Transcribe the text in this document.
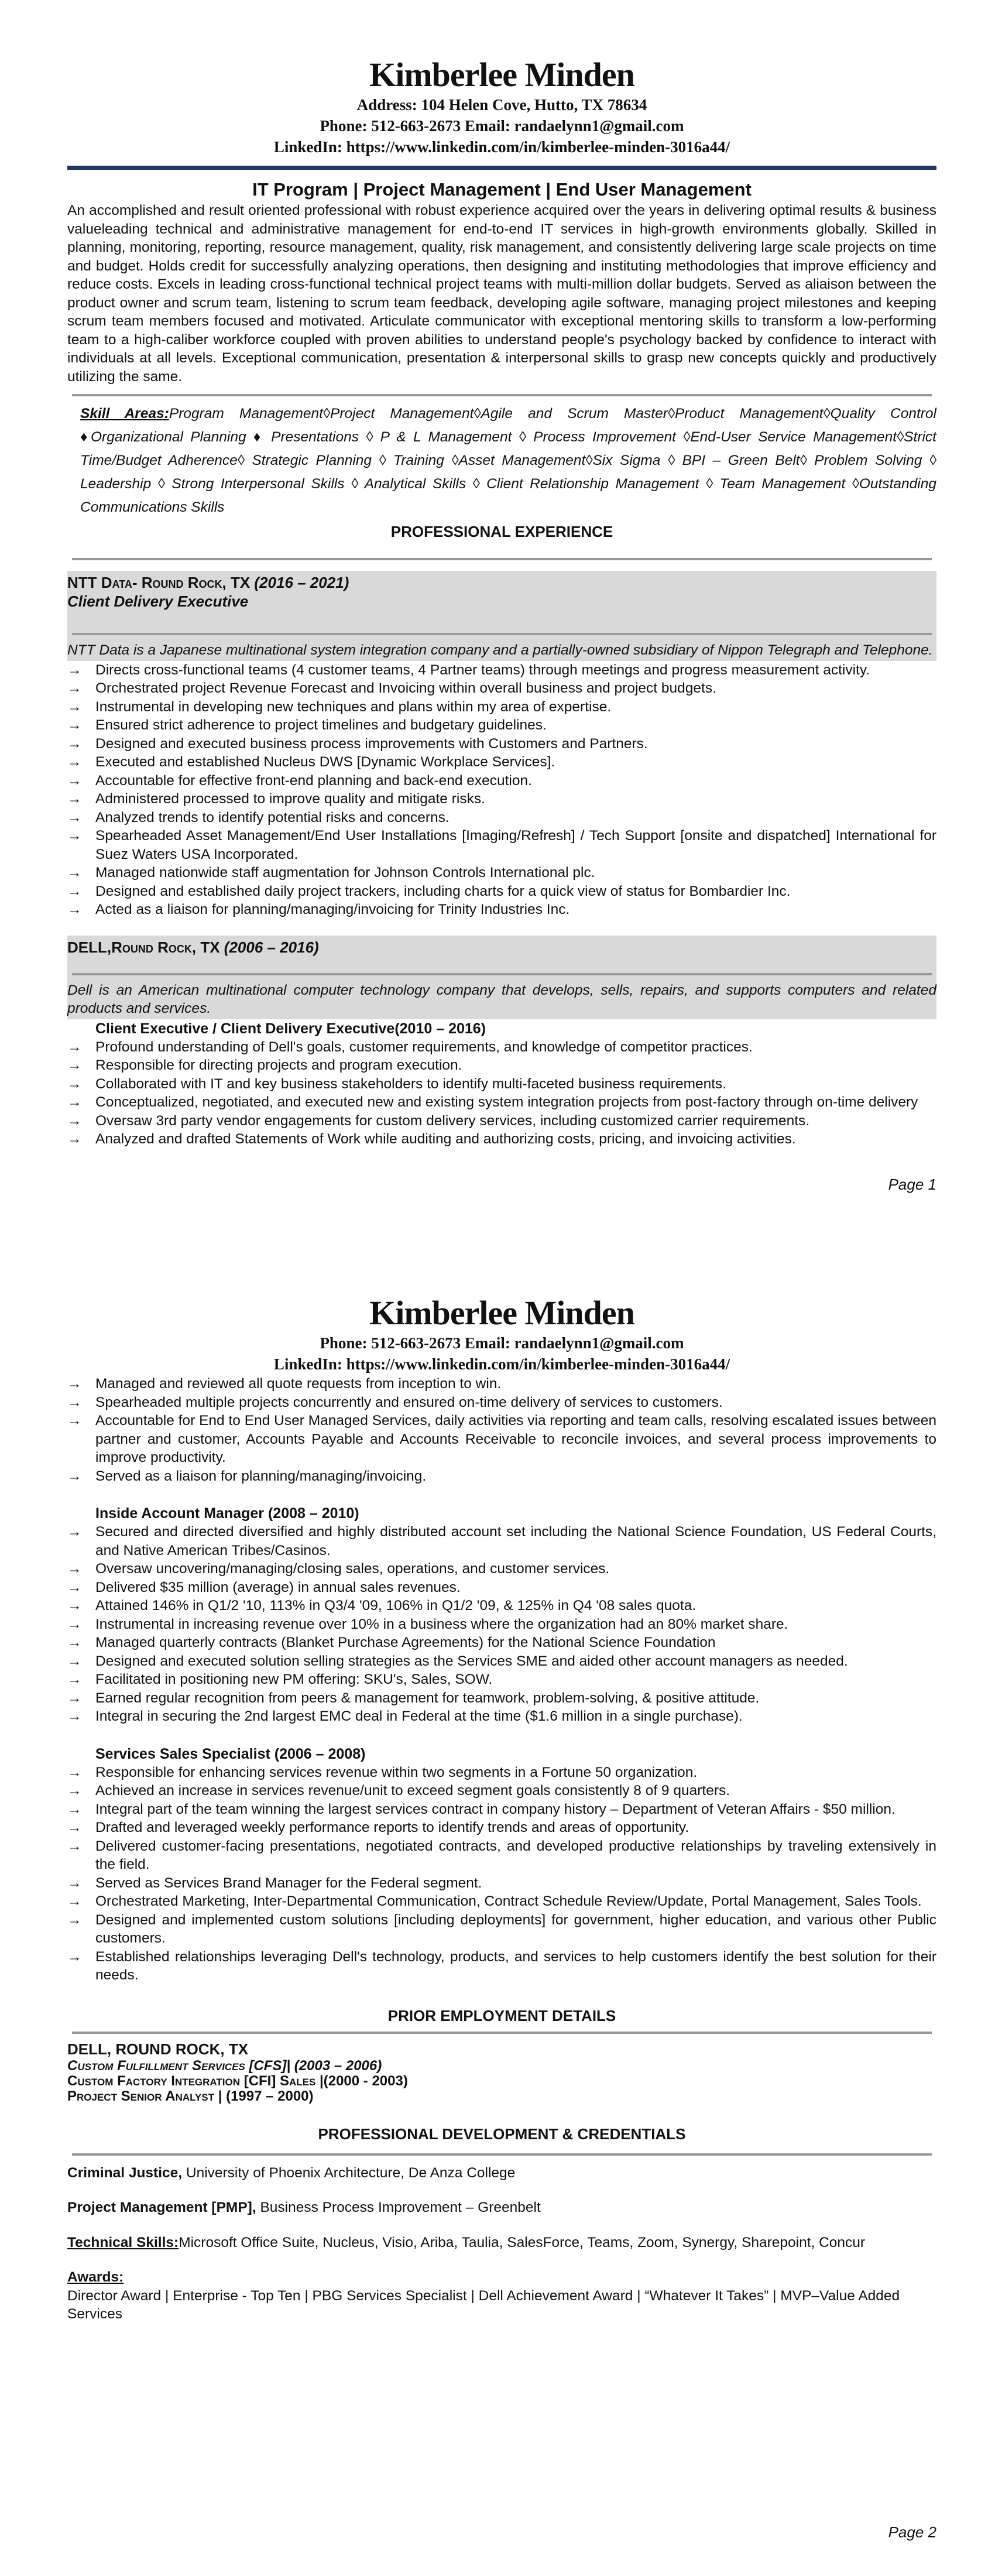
Kimberlee Minden
Address: 104 Helen Cove, Hutto, TX 78634
Phone: 512-663-2673 Email: randaelynn1@gmail.com
LinkedIn: https://www.linkedin.com/in/kimberlee-minden-3016a44/
IT Program | Project Management | End User Management

An accomplished and result oriented professional with robust experience acquired over the years in delivering optimal results & business valueleading technical and administrative management for end-to-end IT services in high-growth environments globally. Skilled in planning, monitoring, reporting, resource management, quality, risk management, and consistently delivering large scale projects on time and budget. Holds credit for successfully analyzing operations, then designing and instituting methodologies that improve efficiency and reduce costs. Excels in leading cross-functional technical project teams with multi-million dollar budgets. Served as aliaison between the product owner and scrum team, listening to scrum team feedback, developing agile software, managing project milestones and keeping scrum team members focused and motivated. Articulate communicator with exceptional mentoring skills to transform a low-performing team to a high-caliber workforce coupled with proven abilities to understand people's psychology backed by confidence to interact with individuals at all levels. Exceptional communication, presentation & interpersonal skills to grasp new concepts quickly and productively utilizing the same.

Skill Areas:Program Management◊Project Management◊Agile and Scrum Master◊Product Management◊Quality Control ♦Organizational Planning ♦ Presentations ◊ P & L Management ◊ Process Improvement ◊End-User Service Management◊Strict Time/Budget Adherence◊ Strategic Planning ◊ Training ◊Asset Management◊Six Sigma ◊ BPI – Green Belt◊ Problem Solving ◊ Leadership ◊ Strong Interpersonal Skills ◊ Analytical Skills ◊ Client Relationship Management ◊ Team Management ◊Outstanding Communications Skills
PROFESSIONAL EXPERIENCE
NTT Data- Round Rock, TX (2016 – 2021)
Client Delivery Executive
NTT Data is a Japanese multinational system integration company and a partially-owned subsidiary of Nippon Telegraph and Telephone.
→ Directs cross-functional teams (4 customer teams, 4 Partner teams) through meetings and progress measurement activity.
→ Orchestrated project Revenue Forecast and Invoicing within overall business and project budgets.
→ Instrumental in developing new techniques and plans within my area of expertise.
→ Ensured strict adherence to project timelines and budgetary guidelines.
→ Designed and executed business process improvements with Customers and Partners.
→ Executed and established Nucleus DWS [Dynamic Workplace Services].
→ Accountable for effective front-end planning and back-end execution.
→ Administered processed to improve quality and mitigate risks.
→ Analyzed trends to identify potential risks and concerns.
→ Spearheaded Asset Management/End User Installations [Imaging/Refresh] / Tech Support [onsite and dispatched] International for Suez Waters USA Incorporated.
→ Managed nationwide staff augmentation for Johnson Controls International plc.
→ Designed and established daily project trackers, including charts for a quick view of status for Bombardier Inc.
→ Acted as a liaison for planning/managing/invoicing for Trinity Industries Inc.
DELL,Round Rock, TX (2006 – 2016)
Dell is an American multinational computer technology company that develops, sells, repairs, and supports computers and related products and services.
Client Executive / Client Delivery Executive(2010 – 2016)
→ Profound understanding of Dell's goals, customer requirements, and knowledge of competitor practices.
→ Responsible for directing projects and program execution.
→ Collaborated with IT and key business stakeholders to identify multi-faceted business requirements.
→ Conceptualized, negotiated, and executed new and existing system integration projects from post-factory through on-time delivery
→ Oversaw 3rd party vendor engagements for custom delivery services, including customized carrier requirements.
→ Analyzed and drafted Statements of Work while auditing and authorizing costs, pricing, and invoicing activities.
Page 1
Kimberlee Minden
Phone: 512-663-2673 Email: randaelynn1@gmail.com
LinkedIn: https://www.linkedin.com/in/kimberlee-minden-3016a44/
→ Managed and reviewed all quote requests from inception to win.
→ Spearheaded multiple projects concurrently and ensured on-time delivery of services to customers.
→ Accountable for End to End User Managed Services, daily activities via reporting and team calls, resolving escalated issues between partner and customer, Accounts Payable and Accounts Receivable to reconcile invoices, and several process improvements to improve productivity.
→ Served as a liaison for planning/managing/invoicing.
Inside Account Manager (2008 – 2010)
→ Secured and directed diversified and highly distributed account set including the National Science Foundation, US Federal Courts, and Native American Tribes/Casinos.
→ Oversaw uncovering/managing/closing sales, operations, and customer services.
→ Delivered $35 million (average) in annual sales revenues.
→ Attained 146% in Q1/2 '10, 113% in Q3/4 '09, 106% in Q1/2 '09, & 125% in Q4 '08 sales quota.
→ Instrumental in increasing revenue over 10% in a business where the organization had an 80% market share.
→ Managed quarterly contracts (Blanket Purchase Agreements) for the National Science Foundation
→ Designed and executed solution selling strategies as the Services SME and aided other account managers as needed.
→ Facilitated in positioning new PM offering: SKU's, Sales, SOW.
→ Earned regular recognition from peers & management for teamwork, problem-solving, & positive attitude.
→ Integral in securing the 2nd largest EMC deal in Federal at the time ($1.6 million in a single purchase).
Services Sales Specialist (2006 – 2008)
→ Responsible for enhancing services revenue within two segments in a Fortune 50 organization.
→ Achieved an increase in services revenue/unit to exceed segment goals consistently 8 of 9 quarters.
→ Integral part of the team winning the largest services contract in company history – Department of Veteran Affairs - $50 million.
→ Drafted and leveraged weekly performance reports to identify trends and areas of opportunity.
→ Delivered customer-facing presentations, negotiated contracts, and developed productive relationships by traveling extensively in the field.
→ Served as Services Brand Manager for the Federal segment.
→ Orchestrated Marketing, Inter-Departmental Communication, Contract Schedule Review/Update, Portal Management, Sales Tools.
→ Designed and implemented custom solutions [including deployments] for government, higher education, and various other Public customers.
→ Established relationships leveraging Dell's technology, products, and services to help customers identify the best solution for their needs.
PRIOR EMPLOYMENT DETAILS
DELL, ROUND ROCK, TX
Custom Fulfillment Services [CFS]| (2003 – 2006)
Custom Factory Integration [CFI] Sales |(2000 - 2003)
Project Senior Analyst | (1997 – 2000)
PROFESSIONAL DEVELOPMENT & CREDENTIALS

Criminal Justice, University of Phoenix Architecture, De Anza College

Project Management [PMP], Business Process Improvement – Greenbelt

Technical Skills:Microsoft Office Suite, Nucleus, Visio, Ariba, Taulia, SalesForce, Teams, Zoom, Synergy, Sharepoint, Concur

Awards:

Director Award | Enterprise - Top Ten | PBG Services Specialist | Dell Achievement Award | “Whatever It Takes” | MVP–Value Added Services

Page 2
